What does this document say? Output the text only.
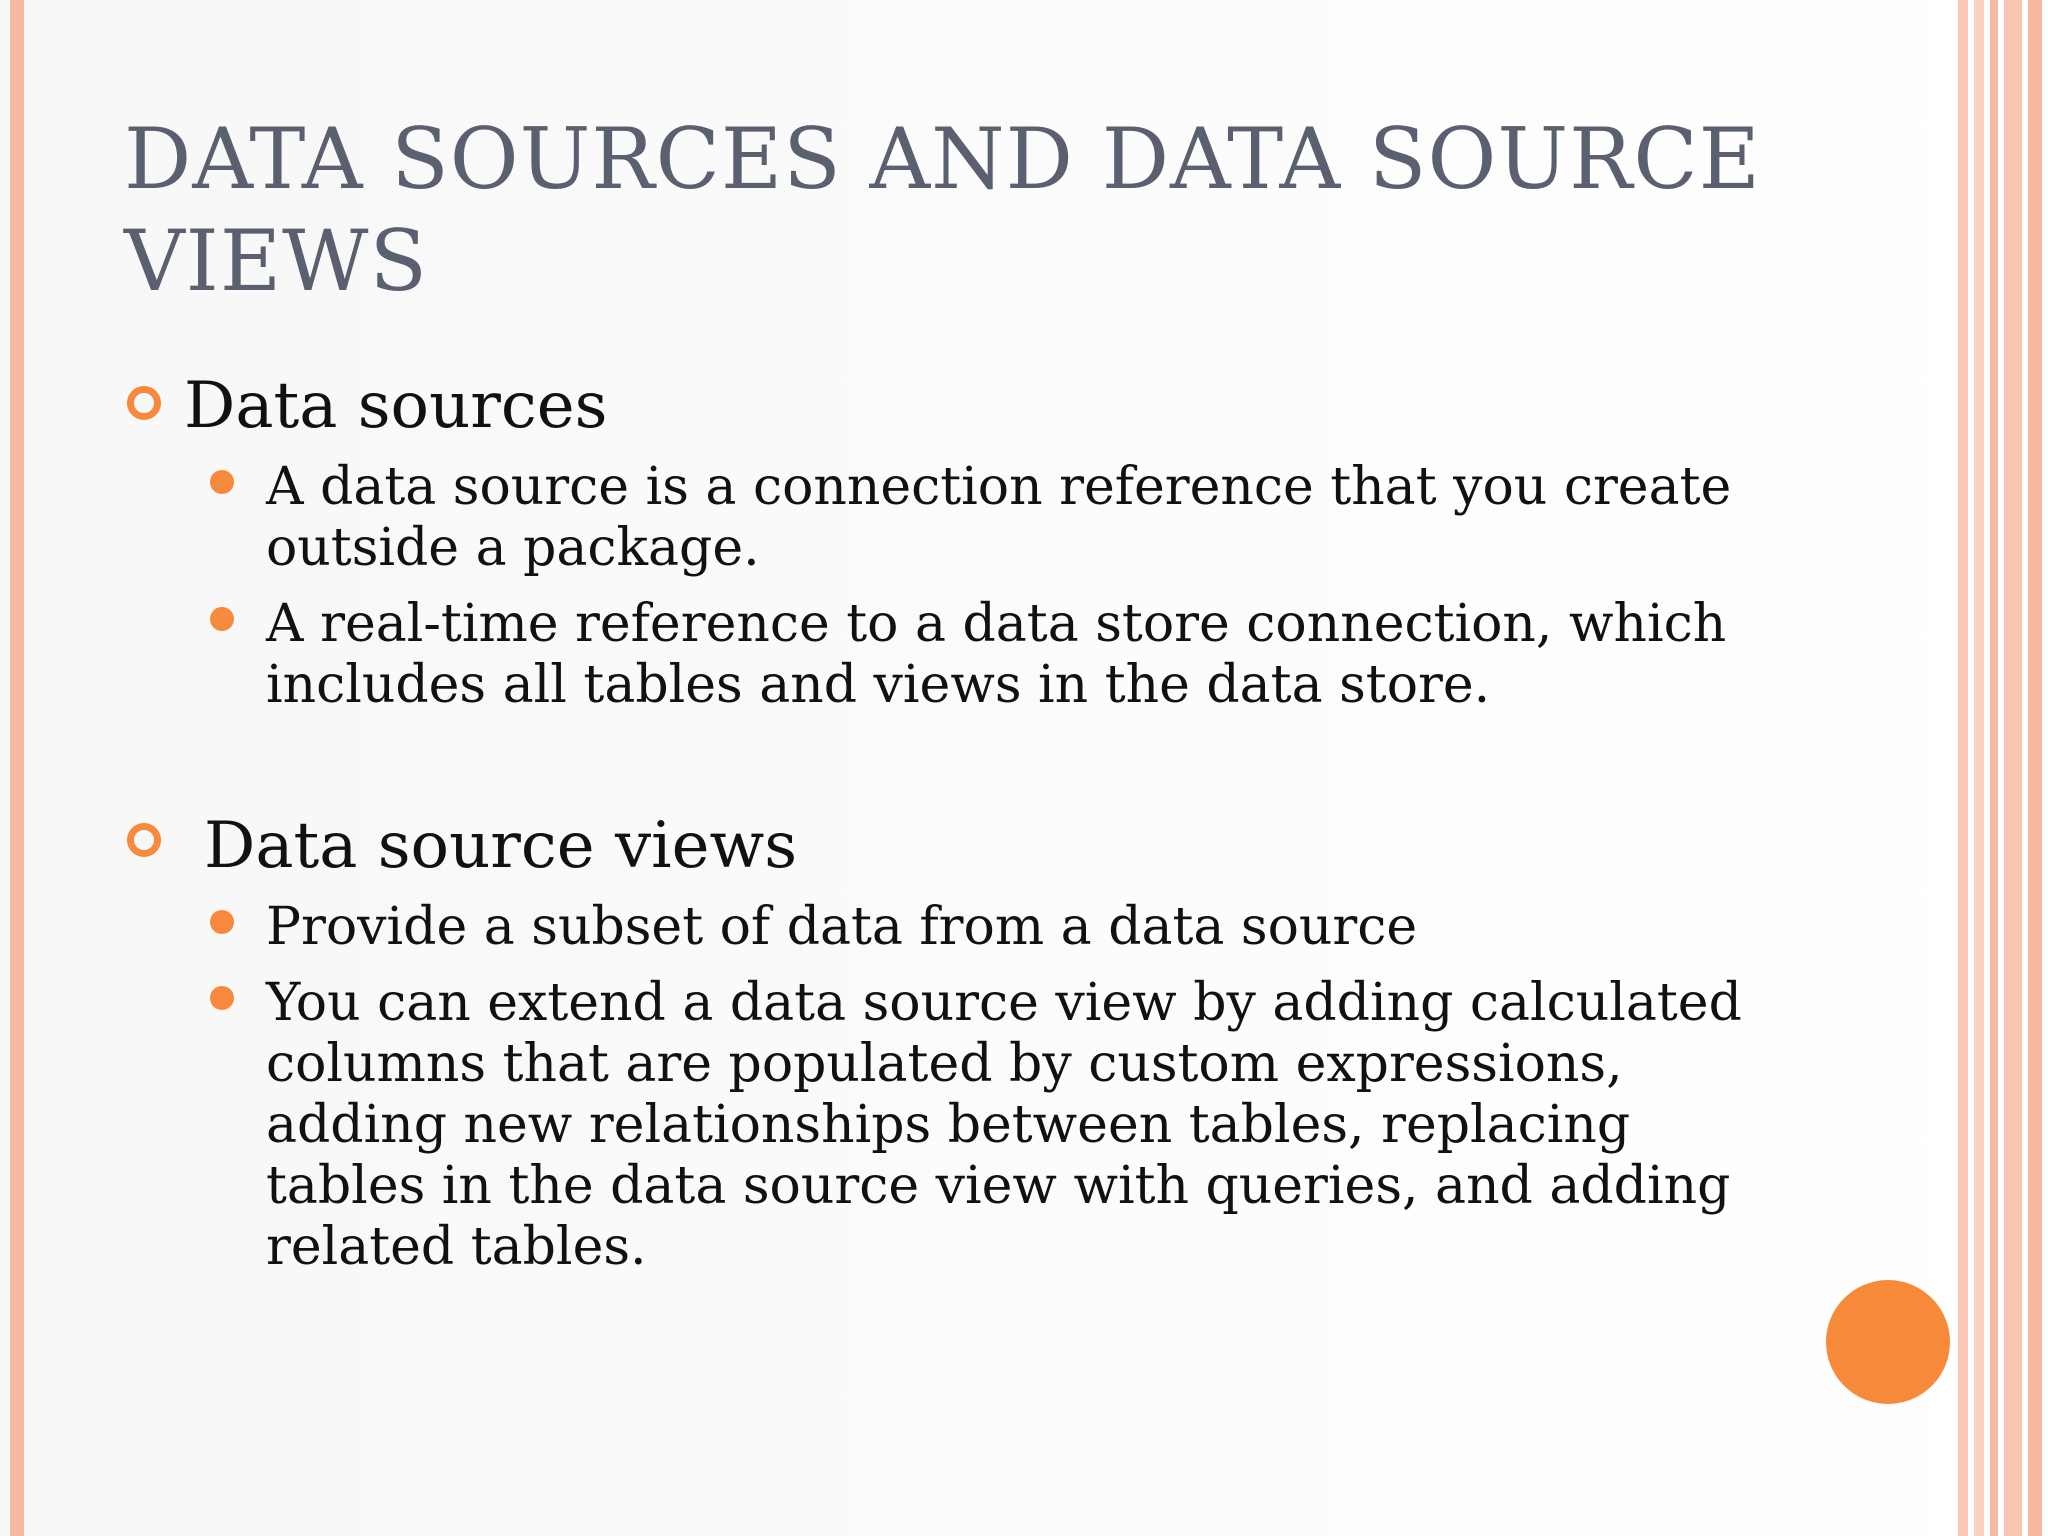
DATA SOURCES AND DATA SOURCE
VIEWS
Data sources
A data source is a connection reference that you create
outside a package.
A real-time reference to a data store connection, which
includes all tables and views in the data store.
Data source views
Provide a subset of data from a data source
You can extend a data source view by adding calculated
columns that are populated by custom expressions,
adding new relationships between tables, replacing
tables in the data source view with queries, and adding
related tables.
